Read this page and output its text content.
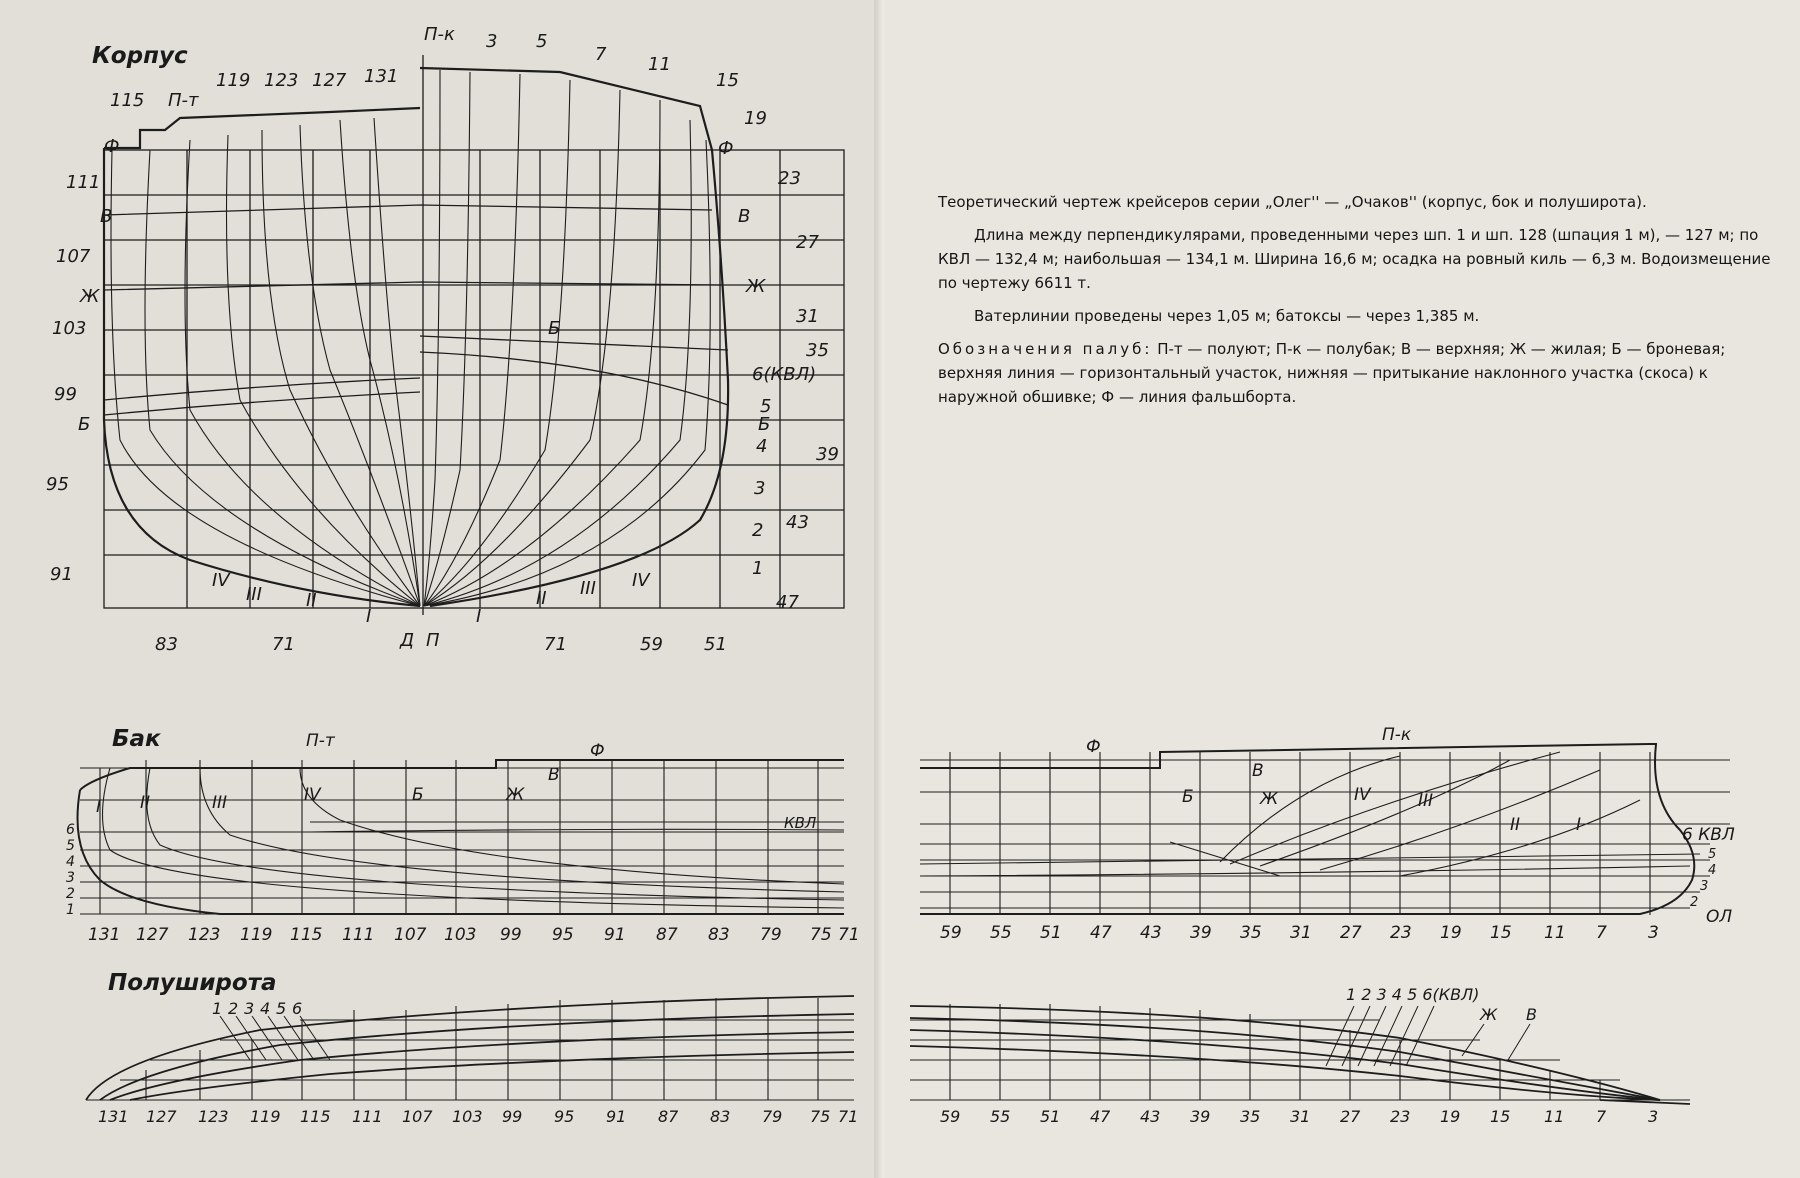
Корпус
115
119 123 127 131
111
107
103
99
95
91
83	71
3 5
7 11
15
19
23
27
31
35
39
43
47
51
59
71
Ф
В
Ж
Б
Ф
В
Ж
Б
Б
П-т
П-к
6(КВЛ)
5
4
3
2
1
IV
III II
I	I
II III IV
Д П
Бак
I II	III	IV
П-т
Б	Ж
В
Ф
КВЛ
6
5
4
3
2
1
131 127 123 119 115 111 107 103 99 95 91 87 83 79 75 71
Полуширота
1 2 3 4 5 6
131 127 123 119 115 111 107 103 99 95 91 87 83 79 75 71
Ф
П-к
В
Ж
Б	IV	III
II	I	6 КВЛ
5
4
3
2
ОЛ
59 55 51 47 43 39 35 31 27 23 19 15 11 7 3
1 2 3 4 5 6(КВЛ)
Ж В
59 55 51 47 43 39 35 31 27 23 19 15 11 7	3

Теоретический чертеж крейсеров серии „Олег'' — „Очаков'' (корпус, бок и полуширота).

Длина между перпендикулярами, проведенными через шп. 1 и шп. 128 (шпация 1 м), — 127 м; по КВЛ — 132,4 м; наибольшая — 134,1 м. Ширина 16,6 м; осадка на ровный киль — 6,3 м. Водоизмещение по чертежу 6611 т.

Ватерлинии проведены через 1,05 м; батоксы — через 1,385 м.

Обозначения палуб: П-т — полуют; П-к — полубак; В — верхняя; Ж — жилая; Б — броневая; верхняя линия — горизонтальный участок, нижняя — притыкание наклонного участка (скоса) к наружной обшивке; Ф — линия фальшборта.
